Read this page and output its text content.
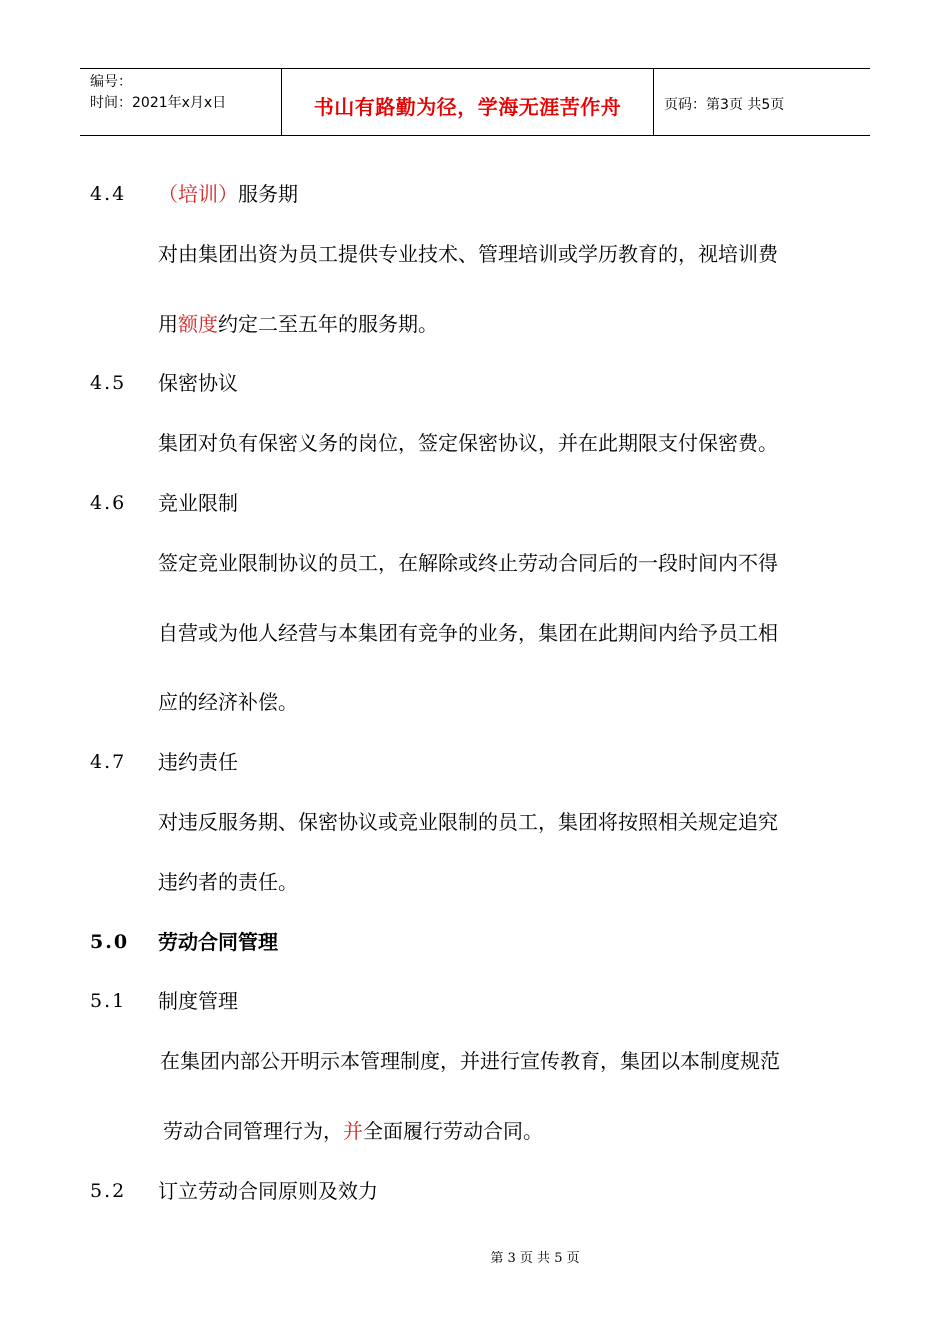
编号：
时间：2021年x月x日	书山有路勤为径，学海无涯苦作舟	页码：第3页 共5页
4.4 （培训）服务期
对由集团出资为员工提供专业技术、管理培训或学历教育的，视培训费
用额度约定二至五年的服务期。
4.5 保密协议
集团对负有保密义务的岗位，签定保密协议，并在此期限支付保密费。
4.6 竞业限制
签定竞业限制协议的员工，在解除或终止劳动合同后的一段时间内不得
自营或为他人经营与本集团有竞争的业务，集团在此期间内给予员工相
应的经济补偿。
4.7 违约责任
对违反服务期、保密协议或竞业限制的员工，集团将按照相关规定追究
违约者的责任。
5.0 劳动合同管理
5.1 制度管理
在集团内部公开明示本管理制度，并进行宣传教育，集团以本制度规范
劳动合同管理行为，并全面履行劳动合同。
5.2 订立劳动合同原则及效力
第 3 页 共 5 页
